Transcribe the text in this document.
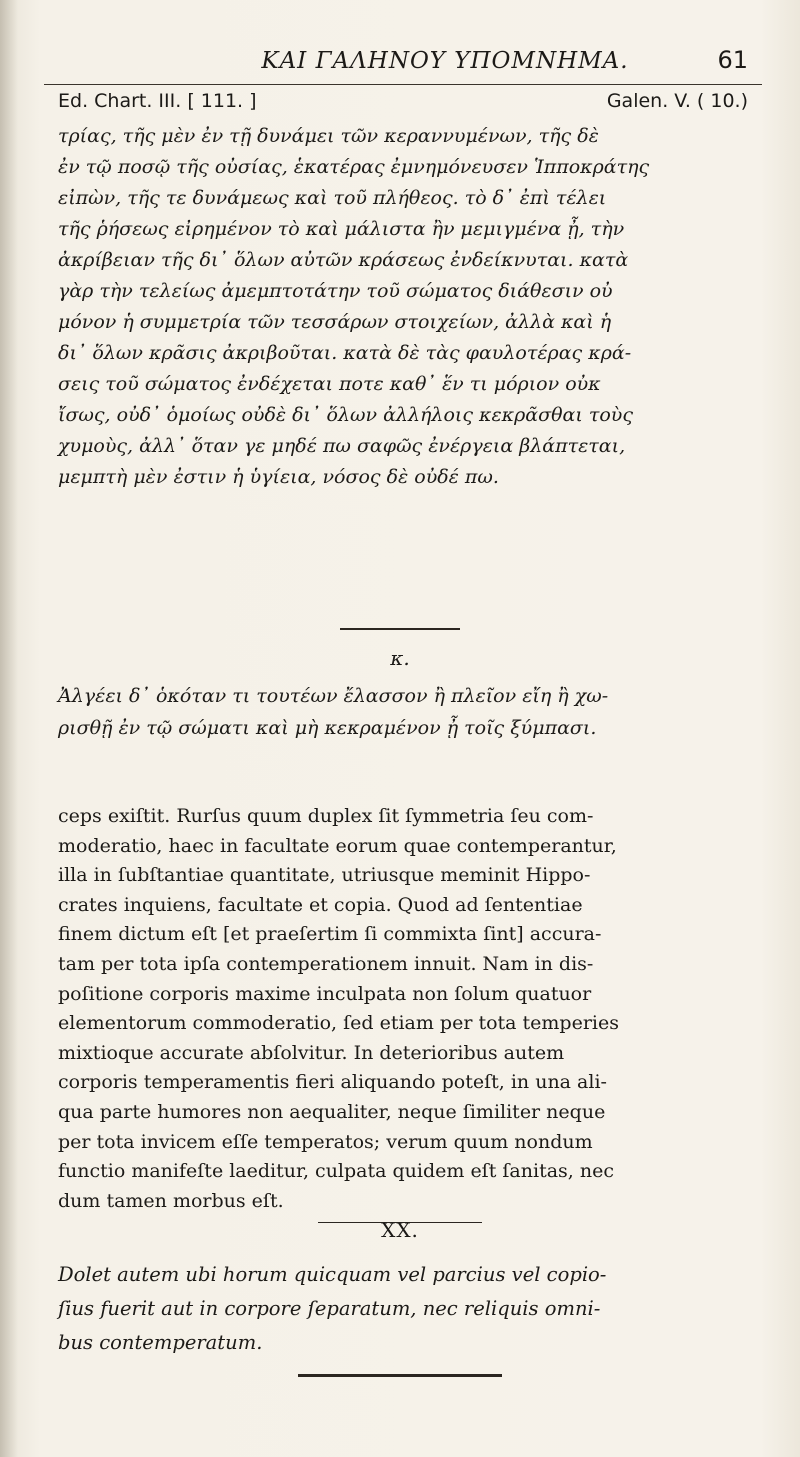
ΚΑΙ ΓΑΛΗΝΟΥ ΥΠΟΜΝΗΜΑ.	61
Ed. Chart. III. [ 111. ]	Galen. V. ( 10.)

τρίας, τῆς μὲν ἐν τῇ δυνάμει τῶν κεραννυμένων, τῆς δὲ

ἐν τῷ ποσῷ τῆς οὐσίας, ἑκατέρας ἐμνημόνευσεν Ἱπποκράτης

εἰπὼν, τῆς τε δυνάμεως καὶ τοῦ πλήθεος. τὸ δ᾽ ἐπὶ τέλει

τῆς ῥήσεως εἰρημένον τὸ καὶ μάλιστα ἢν μεμιγμένα ᾖ, τὴν

ἀκρίβειαν τῆς δι᾽ ὅλων αὐτῶν κράσεως ἐνδείκνυται. κατὰ

γὰρ τὴν τελείως ἀμεμπτοτάτην τοῦ σώματος διάθεσιν οὐ

μόνον ἡ συμμετρία τῶν τεσσάρων στοιχείων, ἀλλὰ καὶ ἡ

δι᾽ ὅλων κρᾶσις ἀκριβοῦται. κατὰ δὲ τὰς φαυλοτέρας κρά-

σεις τοῦ σώματος ἐνδέχεται ποτε καθ᾽ ἕν τι μόριον οὐκ

ἴσως, οὐδ᾽ ὁμοίως οὐδὲ δι᾽ ὅλων ἀλλήλοις κεκρᾶσθαι τοὺς

χυμοὺς, ἀλλ᾽ ὅταν γε μηδέ πω σαφῶς ἐνέργεια βλάπτεται,

μεμπτὴ μὲν ἐστιν ἡ ὑγίεια, νόσος δὲ οὐδέ πω.

κ.

Ἀλγέει δ᾽ ὁκόταν τι τουτέων ἔλασσον ἢ πλεῖον εἴη ἢ χω-

ρισθῇ ἐν τῷ σώματι καὶ μὴ κεκραμένον ᾖ τοῖς ξύμπασι.

ceps exiſtit. Rurſus quum duplex ſit ſymmetria ſeu com-

moderatio, haec in facultate eorum quae contemperantur,

illa in ſubſtantiae quantitate, utriusque meminit Hippo-

crates inquiens, facultate et copia. Quod ad ſententiae

finem dictum eſt [et praeſertim ſi commixta ſint] accura-

tam per tota ipſa contemperationem innuit. Nam in dis-

poſitione corporis maxime inculpata non ſolum quatuor

elementorum commoderatio, ſed etiam per tota temperies

mixtioque accurate abſolvitur. In deterioribus autem

corporis temperamentis fieri aliquando poteſt, in una ali-

qua parte humores non aequaliter, neque ſimiliter neque

per tota invicem eſſe temperatos; verum quum nondum

functio manifeſte laeditur, culpata quidem eſt ſanitas, nec

dum tamen morbus eſt.

XX.

Dolet autem ubi horum quicquam vel parcius vel copio-

ſius fuerit aut in corpore ſeparatum, nec reliquis omni-

bus contemperatum.
